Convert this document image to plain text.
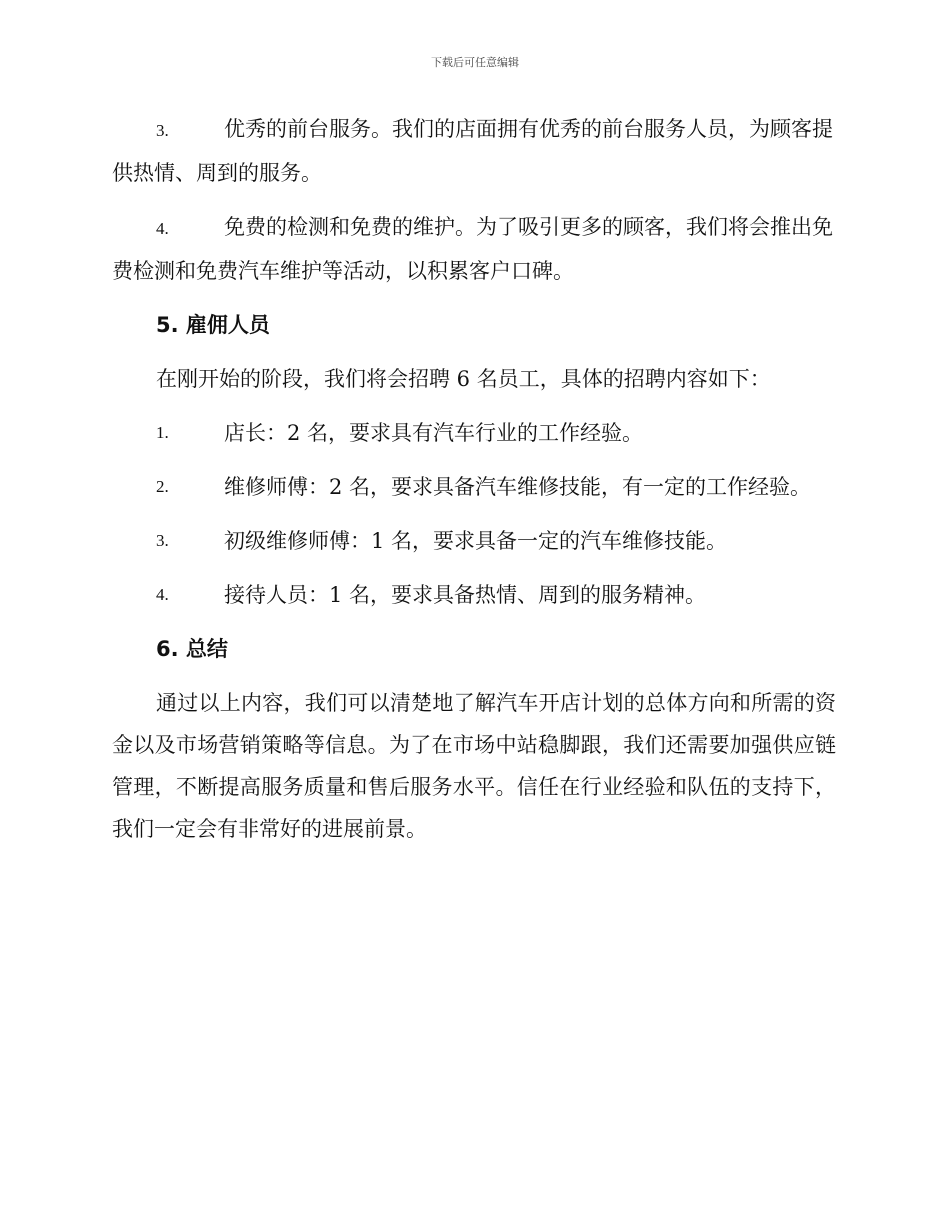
下载后可任意编辑

3.	优秀的前台服务。我们的店面拥有优秀的前台服务人员，为顾客提供热情、周到的服务。

4.	免费的检测和免费的维护。为了吸引更多的顾客，我们将会推出免费检测和免费汽车维护等活动，以积累客户口碑。

5. 雇佣人员

在刚开始的阶段，我们将会招聘 6 名员工，具体的招聘内容如下：

1.	店长：2 名，要求具有汽车行业的工作经验。
2.	维修师傅：2 名，要求具备汽车维修技能，有一定的工作经验。
3.	初级维修师傅：1 名，要求具备一定的汽车维修技能。
4.	接待人员：1 名，要求具备热情、周到的服务精神。

6. 总结

通过以上内容，我们可以清楚地了解汽车开店计划的总体方向和所需的资金以及市场营销策略等信息。为了在市场中站稳脚跟，我们还需要加强供应链管理，不断提高服务质量和售后服务水平。信任在行业经验和队伍的支持下，我们一定会有非常好的进展前景。
